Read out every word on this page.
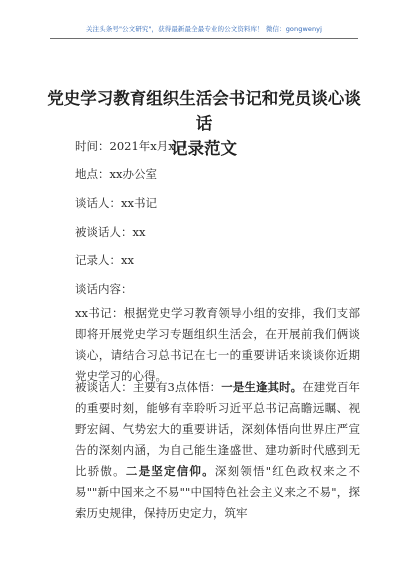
关注头条号"公文研究"，获得最新最全最专业的公文资料库！ 微信：gongwenyj
党史学习教育组织生活会书记和党员谈心谈话
记录范文
时间：2021年x月x日
地点：xx办公室
谈话人：xx书记
被谈话人：xx
记录人：xx
谈话内容：
xx书记：根据党史学习教育领导小组的安排，我们支部即将开展党史学习专题组织生活会，在开展前我们俩谈谈心，请结合习总书记在七一的重要讲话来谈谈你近期党史学习的心得。
被谈话人：主要有3点体悟：一是生逢其时。在建党百年的重要时刻，能够有幸聆听习近平总书记高瞻远瞩、视野宏阔、气势宏大的重要讲话，深刻体悟向世界庄严宣告的深刻内涵，为自己能生逢盛世、建功新时代感到无比骄傲。二是坚定信仰。深刻领悟"红色政权来之不易""新中国来之不易""中国特色社会主义来之不易"，探索历史规律，保持历史定力，筑牢
